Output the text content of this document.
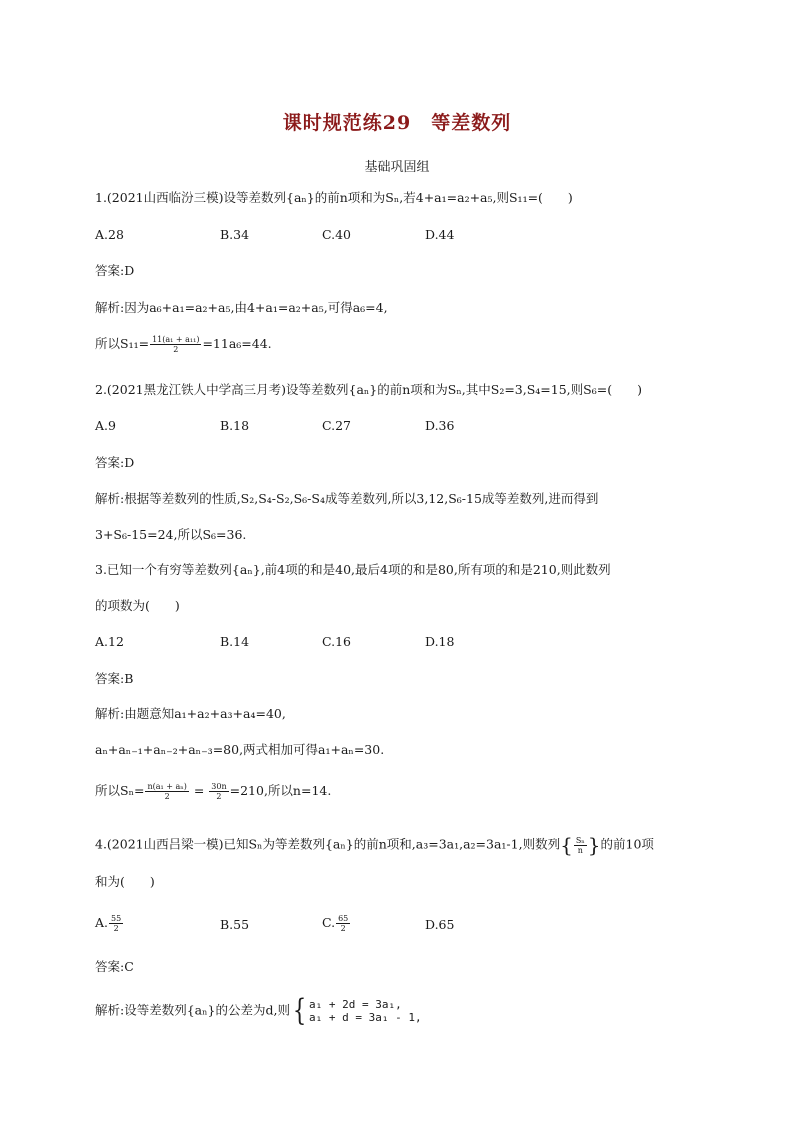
课时规范练29　等差数列
基础巩固组
1.(2021山西临汾三模)设等差数列{aₙ}的前n项和为Sₙ,若4+a₁=a₂+a₅,则S₁₁=(　　)
A.28	B.34	C.40	D.44
答案:D
解析:因为a₆+a₁=a₂+a₅,由4+a₁=a₂+a₅,可得a₆=4,
所以$S_{11}= \frac{\text{11(a₁ + a₁₁)}}{2} =11a_6=44$.
2.(2021黑龙江铁人中学高三月考)设等差数列{aₙ}的前n项和为Sₙ,其中S₂=3,S₄=15,则S₆=(　　)
A.9	B.18	C.27	D.36
答案:D
解析:根据等差数列的性质,S₂,S₄-S₂,S₆-S₄成等差数列,所以3,12,S₆-15成等差数列,进而得到
3+S₆-15=24,所以S₆=36.
3.已知一个有穷等差数列{aₙ},前4项的和是40,最后4项的和是80,所有项的和是210,则此数列
的项数为(　　)
A.12	B.14	C.16	D.18
答案:B
解析:由题意知a₁+a₂+a₃+a₄=40,
aₙ+aₙ₋₁+aₙ₋₂+aₙ₋₃=80,两式相加可得a₁+aₙ=30.
所以$S_n= \frac{\text{n(a₁ + aₙ)}}{2} = \frac{30n}{2} =210$,所以n=14.
4.(2021山西吕梁一模)已知Sₙ为等差数列{aₙ}的前n项和,a₃=3a₁,a₂=3a₁-1,则数列{ $\frac{\text{Sₙ}}{n}$ }的前10项
和为(　　)
A. $\frac{55}{2}$	B.55	C. $\frac{65}{2}$	D.65
答案:C
解析:设等差数列{aₙ}的公差为d,则{ a₁ + 2d = 3a₁,
a₁ + d = 3a₁ - 1,
